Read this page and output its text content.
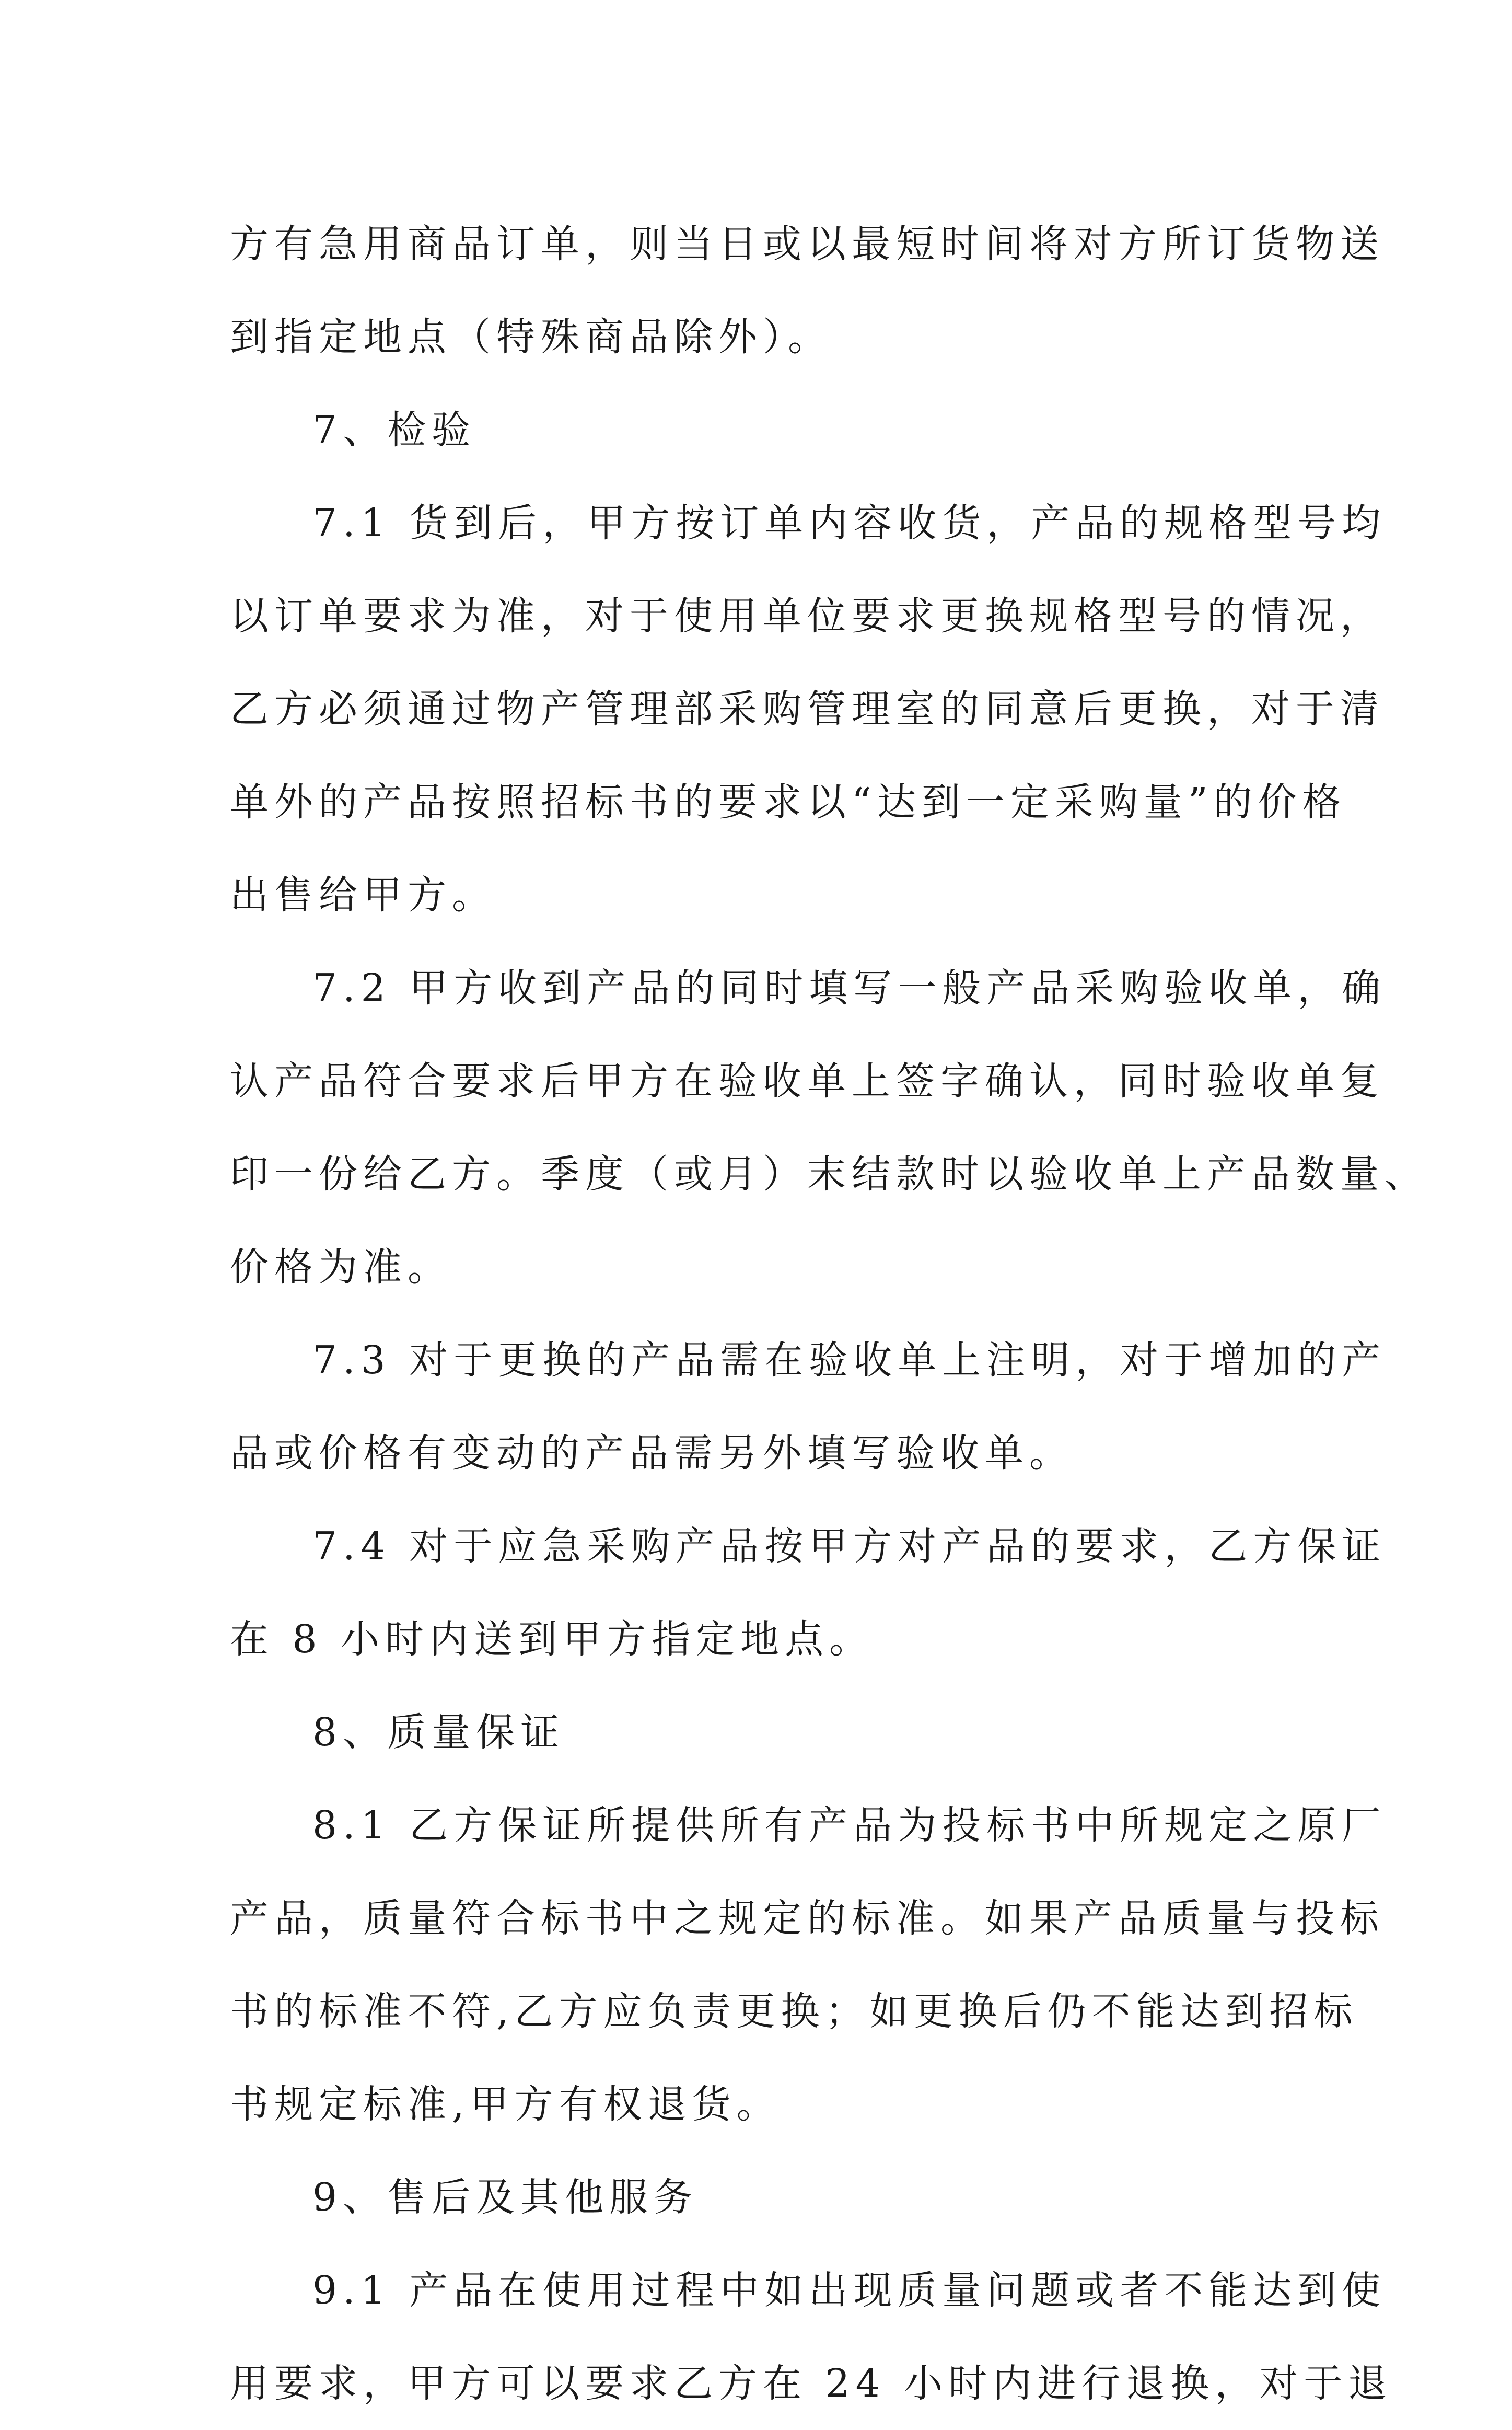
方有急用商品订单，则当日或以最短时间将对方所订货物送
到指定地点（特殊商品除外）。
7、检验
7.1 货到后，甲方按订单内容收货，产品的规格型号均
以订单要求为准，对于使用单位要求更换规格型号的情况，
乙方必须通过物产管理部采购管理室的同意后更换，对于清
单外的产品按照招标书的要求以“达到一定采购量”的价格
出售给甲方。
7.2 甲方收到产品的同时填写一般产品采购验收单，确
认产品符合要求后甲方在验收单上签字确认，同时验收单复
印一份给乙方。季度（或月）末结款时以验收单上产品数量、
价格为准。
7.3 对于更换的产品需在验收单上注明，对于增加的产
品或价格有变动的产品需另外填写验收单。
7.4 对于应急采购产品按甲方对产品的要求，乙方保证
在 8 小时内送到甲方指定地点。
8、质量保证
8.1 乙方保证所提供所有产品为投标书中所规定之原厂
产品，质量符合标书中之规定的标准。如果产品质量与投标
书的标准不符,乙方应负责更换；如更换后仍不能达到招标
书规定标准,甲方有权退货。
9、售后及其他服务
9.1 产品在使用过程中如出现质量问题或者不能达到使
用要求，甲方可以要求乙方在 24 小时内进行退换，对于退
